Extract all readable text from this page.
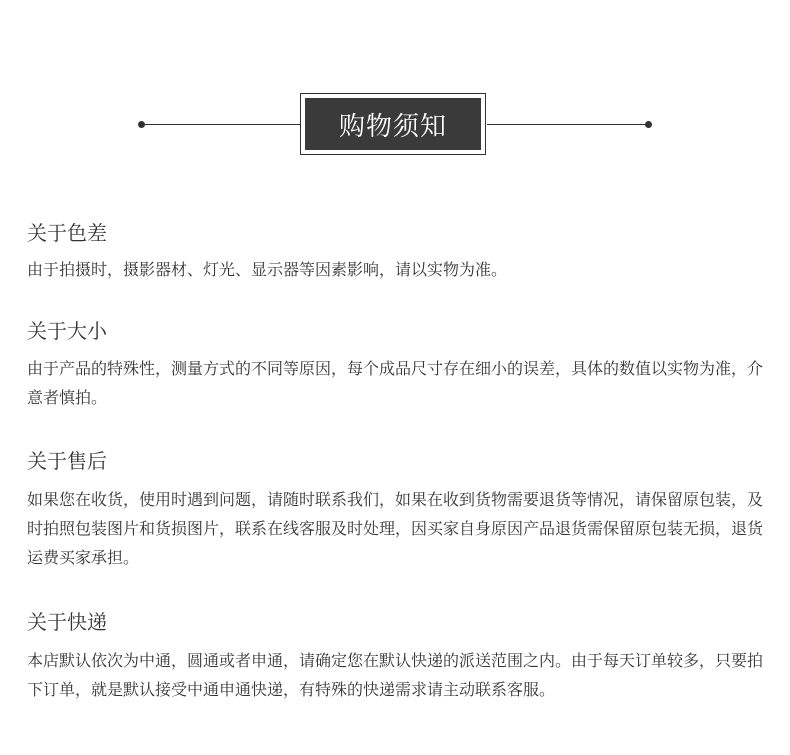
购物须知
关于色差

由于拍摄时，摄影器材、灯光、显示器等因素影响，请以实物为准。

关于大小

由于产品的特殊性，测量方式的不同等原因，每个成品尺寸存在细小的误差，具体的数值以实物为准，介意者慎拍。

关于售后

如果您在收货，使用时遇到问题，请随时联系我们，如果在收到货物需要退货等情况，请保留原包装，及时拍照包装图片和货损图片，联系在线客服及时处理，因买家自身原因产品退货需保留原包装无损，退货运费买家承担。

关于快递

本店默认依次为中通，圆通或者申通，请确定您在默认快递的派送范围之内。由于每天订单较多，只要拍下订单，就是默认接受中通申通快递，有特殊的快递需求请主动联系客服。
